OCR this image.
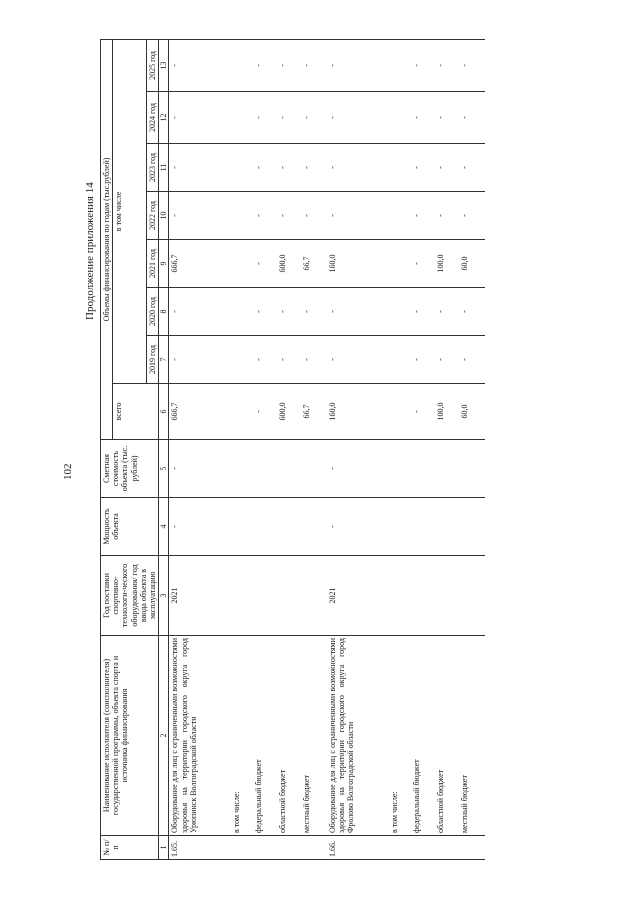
102
Продолжение приложения 14
№ п/п	Наименование исполнителя (соисполнителя) государственной программы, объекта спорта и источника финансирования	Год поставки спортивно-технологи-ческого оборудования/ год ввода объекта в эксплуатацию	Мощность объекта	Сметная стоимость объекта (тыс. рублей)	Объемы финансирования по годам (тыс.рублей)							
					всего	в том числе						
						2019 год	2020 год	2021 год	2022 год	2023 год	2024 год	2025 год
1	2	3	4	5	6	7	8	9	10	11	12	13
1.65.	Оборудование для лиц с ограниченными возможностями здоровья на территории городского округа город Урюпинск Волгоградской области	2021	-	-	666,7	-	-	666,7	-	-	-	-
	в том числе:											
	федеральный бюджет				-	-	-	-	-	-	-	-
	областной бюджет				600,0	-	-	600,0	-	-	-	-
	местный бюджет				66,7	-	-	66,7	-	-	-	-
1.66.	Оборудование для лиц с ограниченными возможностями здоровья на территории городского округа город Фролово Волгоградской области	2021	-	-	160,0	-	-	160,0	-	-	-	-
	в том числе:											
	федеральный бюджет				-	-	-	-	-	-	-	-
	областной бюджет				100,0	-	-	100,0	-	-	-	-
	местный бюджет				60,0	-	-	60,0	-	-	-	-
